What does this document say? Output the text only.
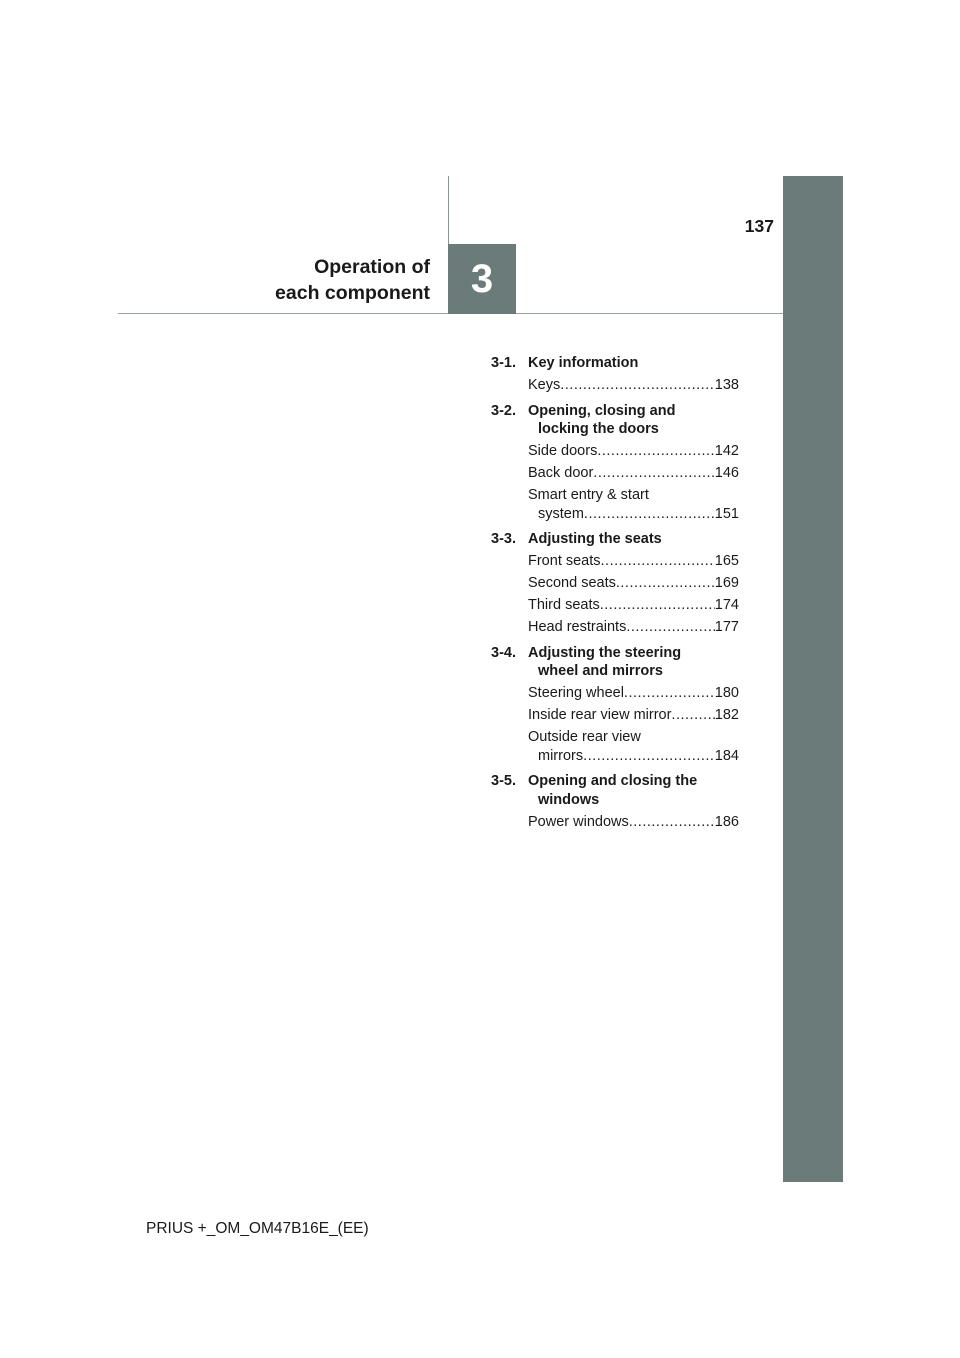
Operation of
each component 3
137
3-1. Key information
Keys .....	138
3-2. Opening, closing and
locking the doors
Side doors .....	142
Back door .....	146
Smart entry & start
system .....	151
3-3. Adjusting the seats
Front seats .....	165
Second seats .....	169
Third seats .....	174
Head restraints .....	177
3-4. Adjusting the steering
wheel and mirrors
Steering wheel .....	180
Inside rear view mirror .....	182
Outside rear view
mirrors .....	184
3-5. Opening and closing the
windows
Power windows .....	186
PRIUS +_OM_OM47B16E_(EE)
